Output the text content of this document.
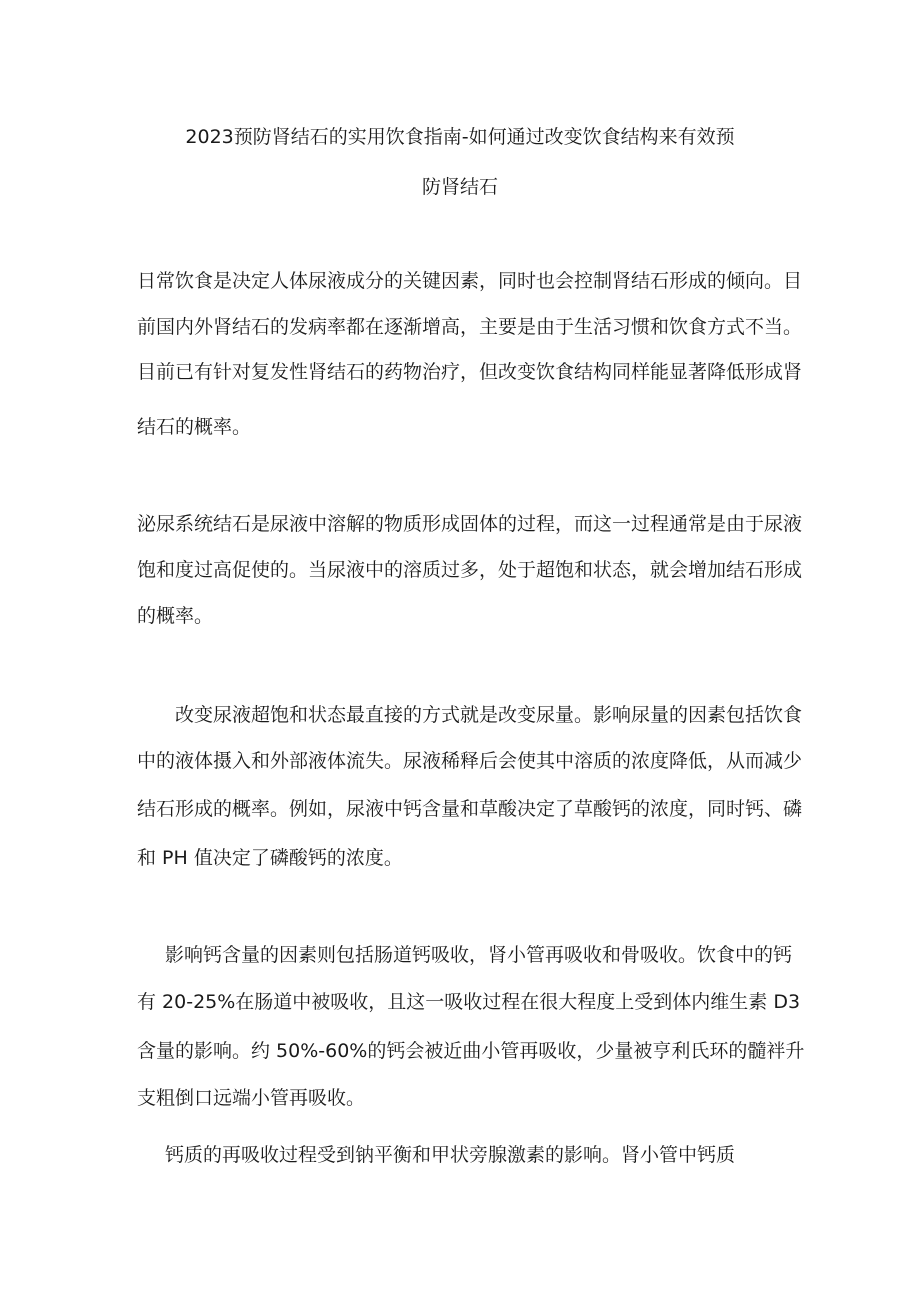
2023预防肾结石的实用饮食指南-如何通过改变饮食结构来有效预
防肾结石
日常饮食是决定人体尿液成分的关键因素，同时也会控制肾结石形成的倾向。目
前国内外肾结石的发病率都在逐渐增高，主要是由于生活习惯和饮食方式不当。
目前已有针对复发性肾结石的药物治疗，但改变饮食结构同样能显著降低形成肾
结石的概率。
泌尿系统结石是尿液中溶解的物质形成固体的过程，而这一过程通常是由于尿液
饱和度过高促使的。当尿液中的溶质过多，处于超饱和状态，就会增加结石形成
的概率。
改变尿液超饱和状态最直接的方式就是改变尿量。影响尿量的因素包括饮食
中的液体摄入和外部液体流失。尿液稀释后会使其中溶质的浓度降低，从而减少
结石形成的概率。例如，尿液中钙含量和草酸决定了草酸钙的浓度，同时钙、磷
和 PH 值决定了磷酸钙的浓度。
影响钙含量的因素则包括肠道钙吸收，肾小管再吸收和骨吸收。饮食中的钙
有 20-25%在肠道中被吸收，且这一吸收过程在很大程度上受到体内维生素 D3
含量的影响。约 50%-60%的钙会被近曲小管再吸收，少量被亨利氏环的髓袢升
支粗倒口远端小管再吸收。
钙质的再吸收过程受到钠平衡和甲状旁腺激素的影响。肾小管中钙质
